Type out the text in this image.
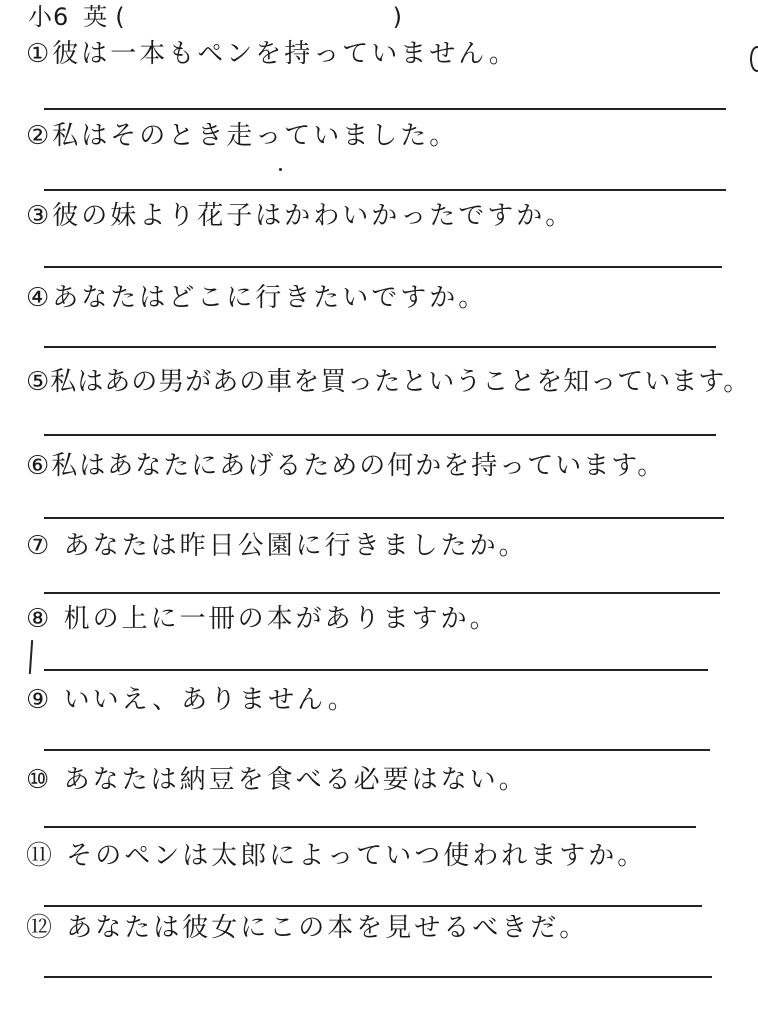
小6 英 (	)
①彼は一本もペンを持っていません。
②私はそのとき走っていました。
③彼の妹より花子はかわいかったですか。
④あなたはどこに行きたいですか。
⑤私はあの男があの車を買ったということを知っています。
⑥私はあなたにあげるための何かを持っています。
⑦ あなたは昨日公園に行きましたか。
⑧ 机の上に一冊の本がありますか。
⑨ いいえ、ありません。
⑩ あなたは納豆を食べる必要はない。
⑪ そのペンは太郎によっていつ使われますか。
⑫ あなたは彼女にこの本を見せるべきだ。
